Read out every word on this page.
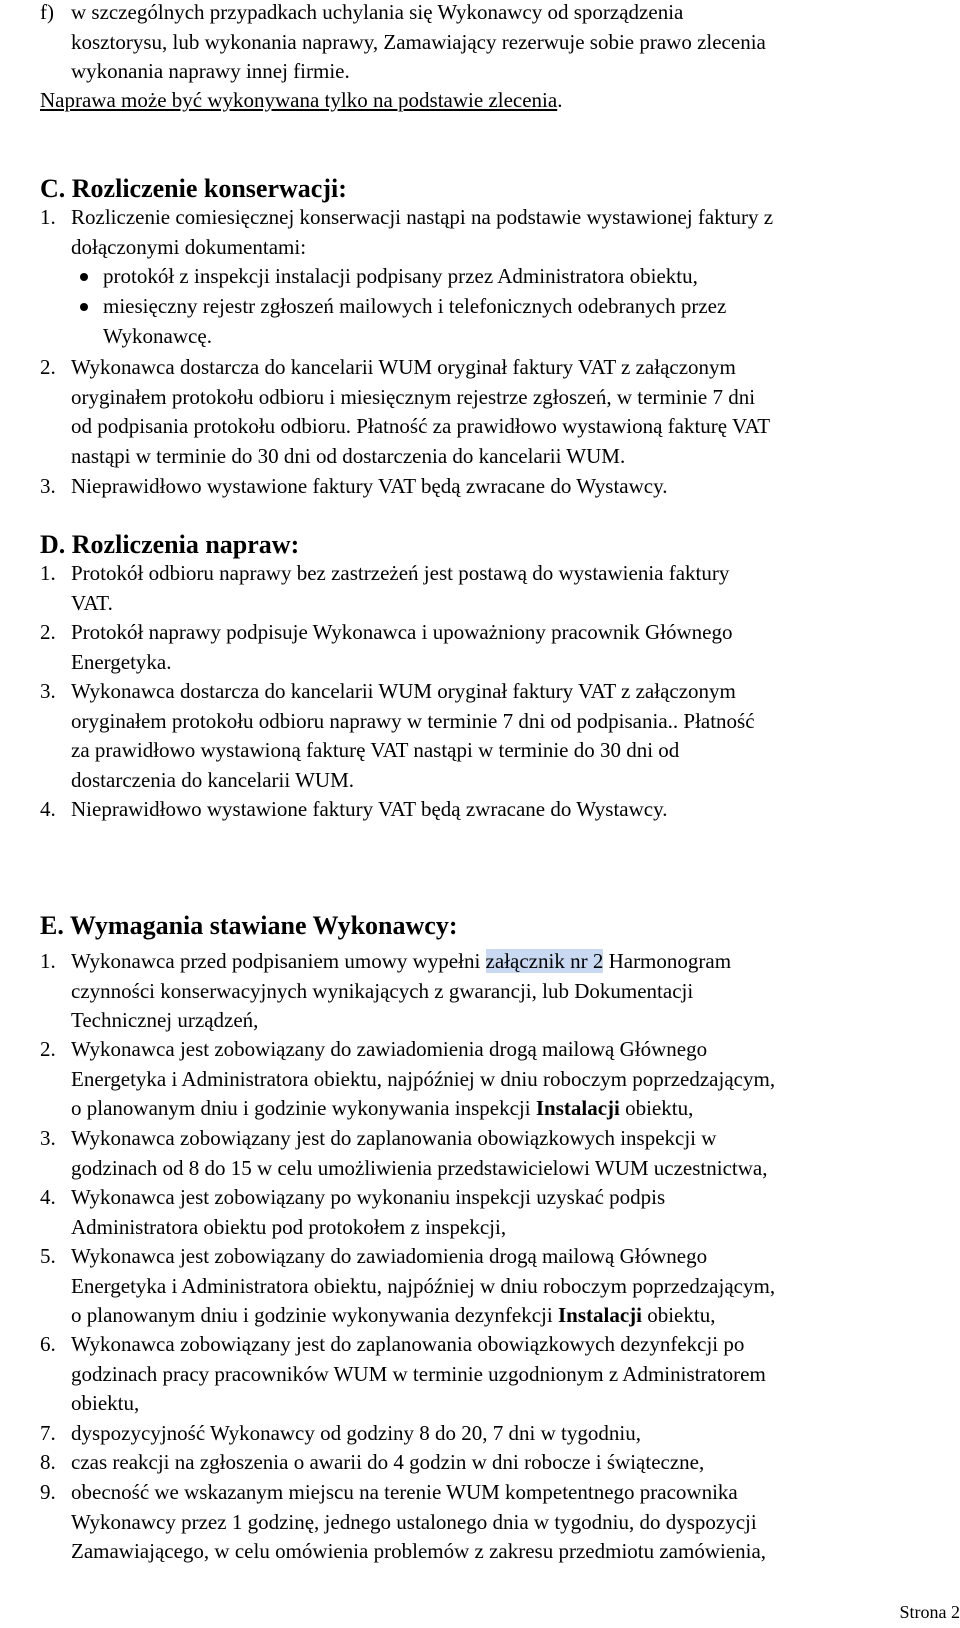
f) w szczególnych przypadkach uchylania się Wykonawcy od sporządzenia
kosztorysu, lub wykonania naprawy, Zamawiający rezerwuje sobie prawo zlecenia
wykonania naprawy innej firmie.
Naprawa może być wykonywana tylko na podstawie zlecenia.
C. Rozliczenie konserwacji:
1. Rozliczenie comiesięcznej konserwacji nastąpi na podstawie wystawionej faktury z
dołączonymi dokumentami:
protokół z inspekcji instalacji podpisany przez Administratora obiektu,
miesięczny rejestr zgłoszeń mailowych i telefonicznych odebranych przez
Wykonawcę.
2. Wykonawca dostarcza do kancelarii WUM oryginał faktury VAT z załączonym
oryginałem protokołu odbioru i miesięcznym rejestrze zgłoszeń, w terminie 7 dni
od podpisania protokołu odbioru. Płatność za prawidłowo wystawioną fakturę VAT
nastąpi w terminie do 30 dni od dostarczenia do kancelarii WUM.
3. Nieprawidłowo wystawione faktury VAT będą zwracane do Wystawcy.
D. Rozliczenia napraw:
1. Protokół odbioru naprawy bez zastrzeżeń jest postawą do wystawienia faktury
VAT.
2. Protokół naprawy podpisuje Wykonawca i upoważniony pracownik Głównego
Energetyka.
3. Wykonawca dostarcza do kancelarii WUM oryginał faktury VAT z załączonym
oryginałem protokołu odbioru naprawy w terminie 7 dni od podpisania.. Płatność
za prawidłowo wystawioną fakturę VAT nastąpi w terminie do 30 dni od
dostarczenia do kancelarii WUM.
4. Nieprawidłowo wystawione faktury VAT będą zwracane do Wystawcy.
E. Wymagania stawiane Wykonawcy:
1. Wykonawca przed podpisaniem umowy wypełni załącznik nr 2 Harmonogram
czynności konserwacyjnych wynikających z gwarancji, lub Dokumentacji
Technicznej urządzeń,
2. Wykonawca jest zobowiązany do zawiadomienia drogą mailową Głównego
Energetyka i Administratora obiektu, najpóźniej w dniu roboczym poprzedzającym,
o planowanym dniu i godzinie wykonywania inspekcji Instalacji obiektu,
3. Wykonawca zobowiązany jest do zaplanowania obowiązkowych inspekcji w
godzinach od 8 do 15 w celu umożliwienia przedstawicielowi WUM uczestnictwa,
4. Wykonawca jest zobowiązany po wykonaniu inspekcji uzyskać podpis
Administratora obiektu pod protokołem z inspekcji,
5. Wykonawca jest zobowiązany do zawiadomienia drogą mailową Głównego
Energetyka i Administratora obiektu, najpóźniej w dniu roboczym poprzedzającym,
o planowanym dniu i godzinie wykonywania dezynfekcji Instalacji obiektu,
6. Wykonawca zobowiązany jest do zaplanowania obowiązkowych dezynfekcji po
godzinach pracy pracowników WUM w terminie uzgodnionym z Administratorem
obiektu,
7. dyspozycyjność Wykonawcy od godziny 8 do 20, 7 dni w tygodniu,
8. czas reakcji na zgłoszenia o awarii do 4 godzin w dni robocze i świąteczne,
9. obecność we wskazanym miejscu na terenie WUM kompetentnego pracownika
Wykonawcy przez 1 godzinę, jednego ustalonego dnia w tygodniu, do dyspozycji
Zamawiającego, w celu omówienia problemów z zakresu przedmiotu zamówienia,
Strona 2
